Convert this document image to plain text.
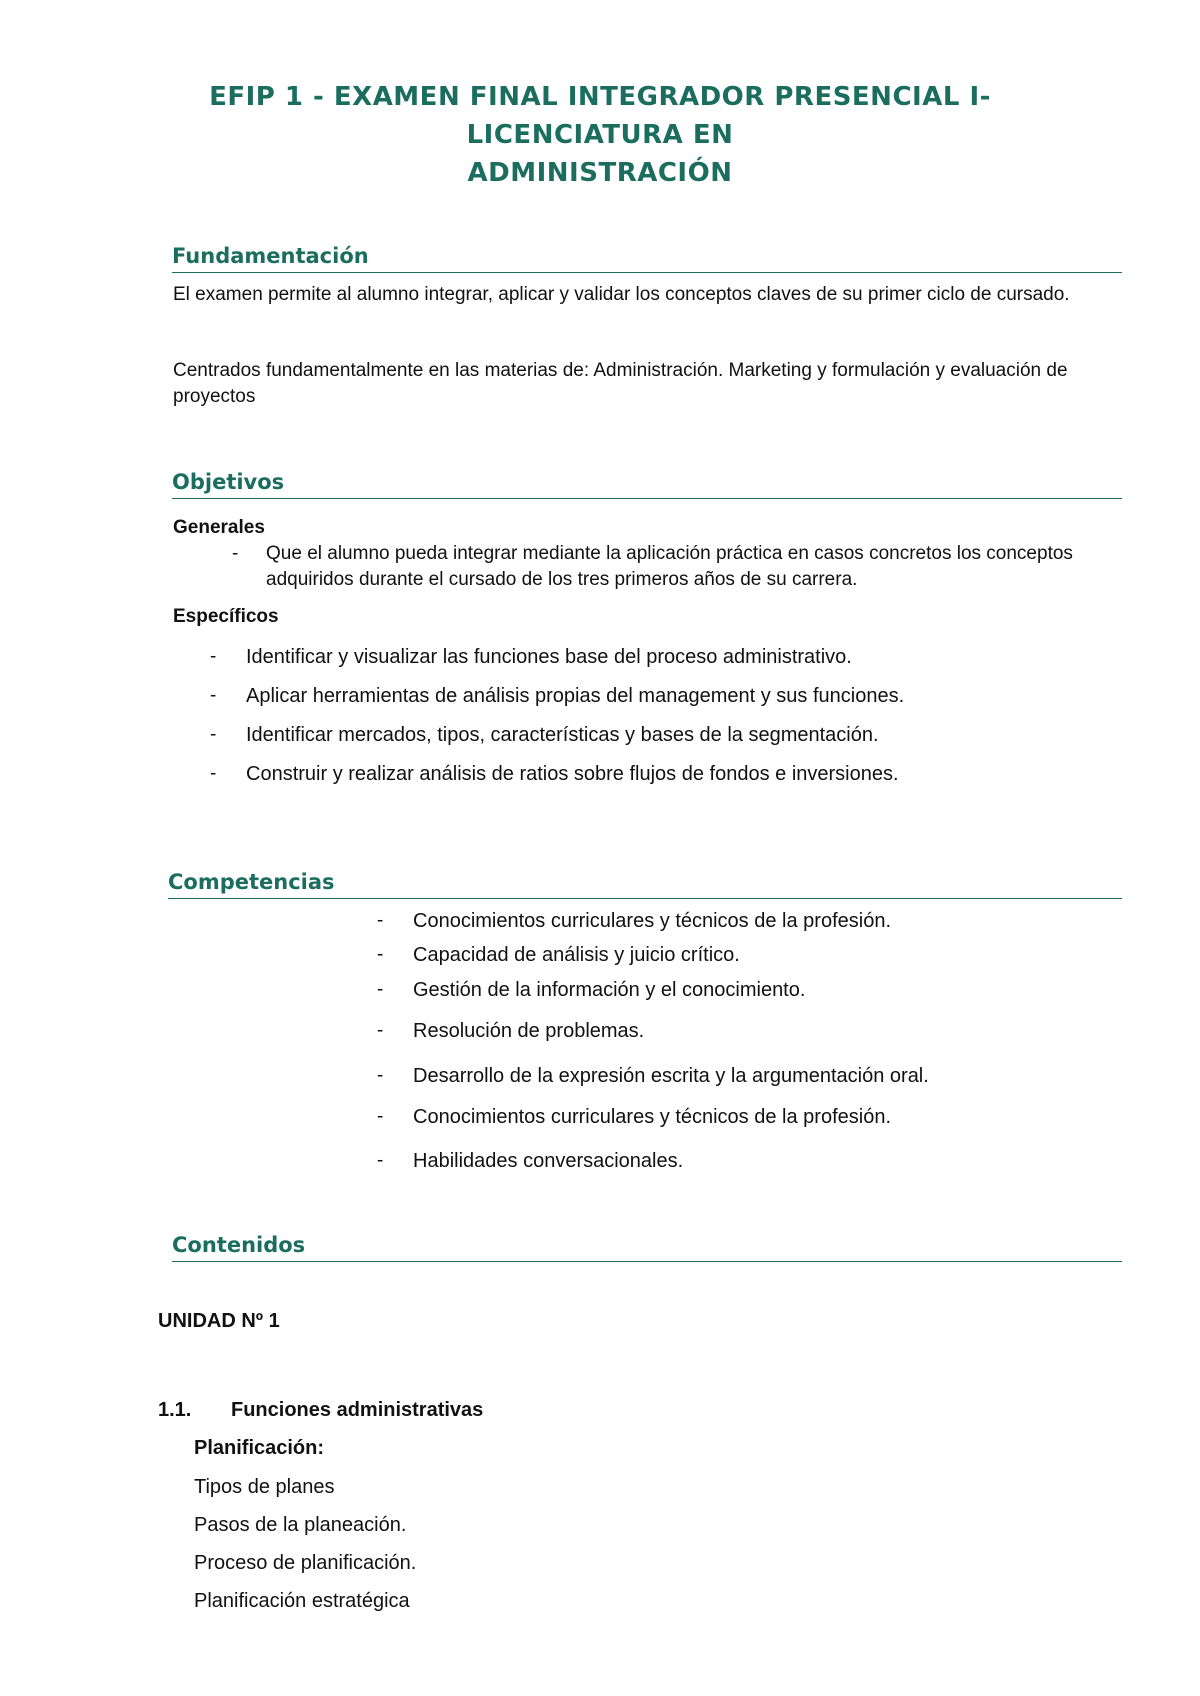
EFIP 1 - EXAMEN FINAL INTEGRADOR PRESENCIAL I- LICENCIATURA EN
ADMINISTRACIÓN
Fundamentación
El examen permite al alumno integrar, aplicar y validar los conceptos claves de su primer ciclo de cursado.
Centrados fundamentalmente en las materias de: Administración. Marketing y formulación y evaluación de proyectos
Objetivos
Generales
- Que el alumno pueda integrar mediante la aplicación práctica en casos concretos los conceptos adquiridos durante el cursado de los tres primeros años de su carrera.
Específicos
- Identificar y visualizar las funciones base del proceso administrativo.
- Aplicar herramientas de análisis propias del management y sus funciones.
- Identificar mercados, tipos, características y bases de la segmentación.
- Construir y realizar análisis de ratios sobre flujos de fondos e inversiones.
Competencias
- Conocimientos curriculares y técnicos de la profesión.
- Capacidad de análisis y juicio crítico.
- Gestión de la información y el conocimiento.
- Resolución de problemas.
- Desarrollo de la expresión escrita y la argumentación oral.
- Conocimientos curriculares y técnicos de la profesión.
- Habilidades conversacionales.
Contenidos
UNIDAD Nº 1
1.1. Funciones administrativas
Planificación:
Tipos de planes
Pasos de la planeación.
Proceso de planificación.
Planificación estratégica
